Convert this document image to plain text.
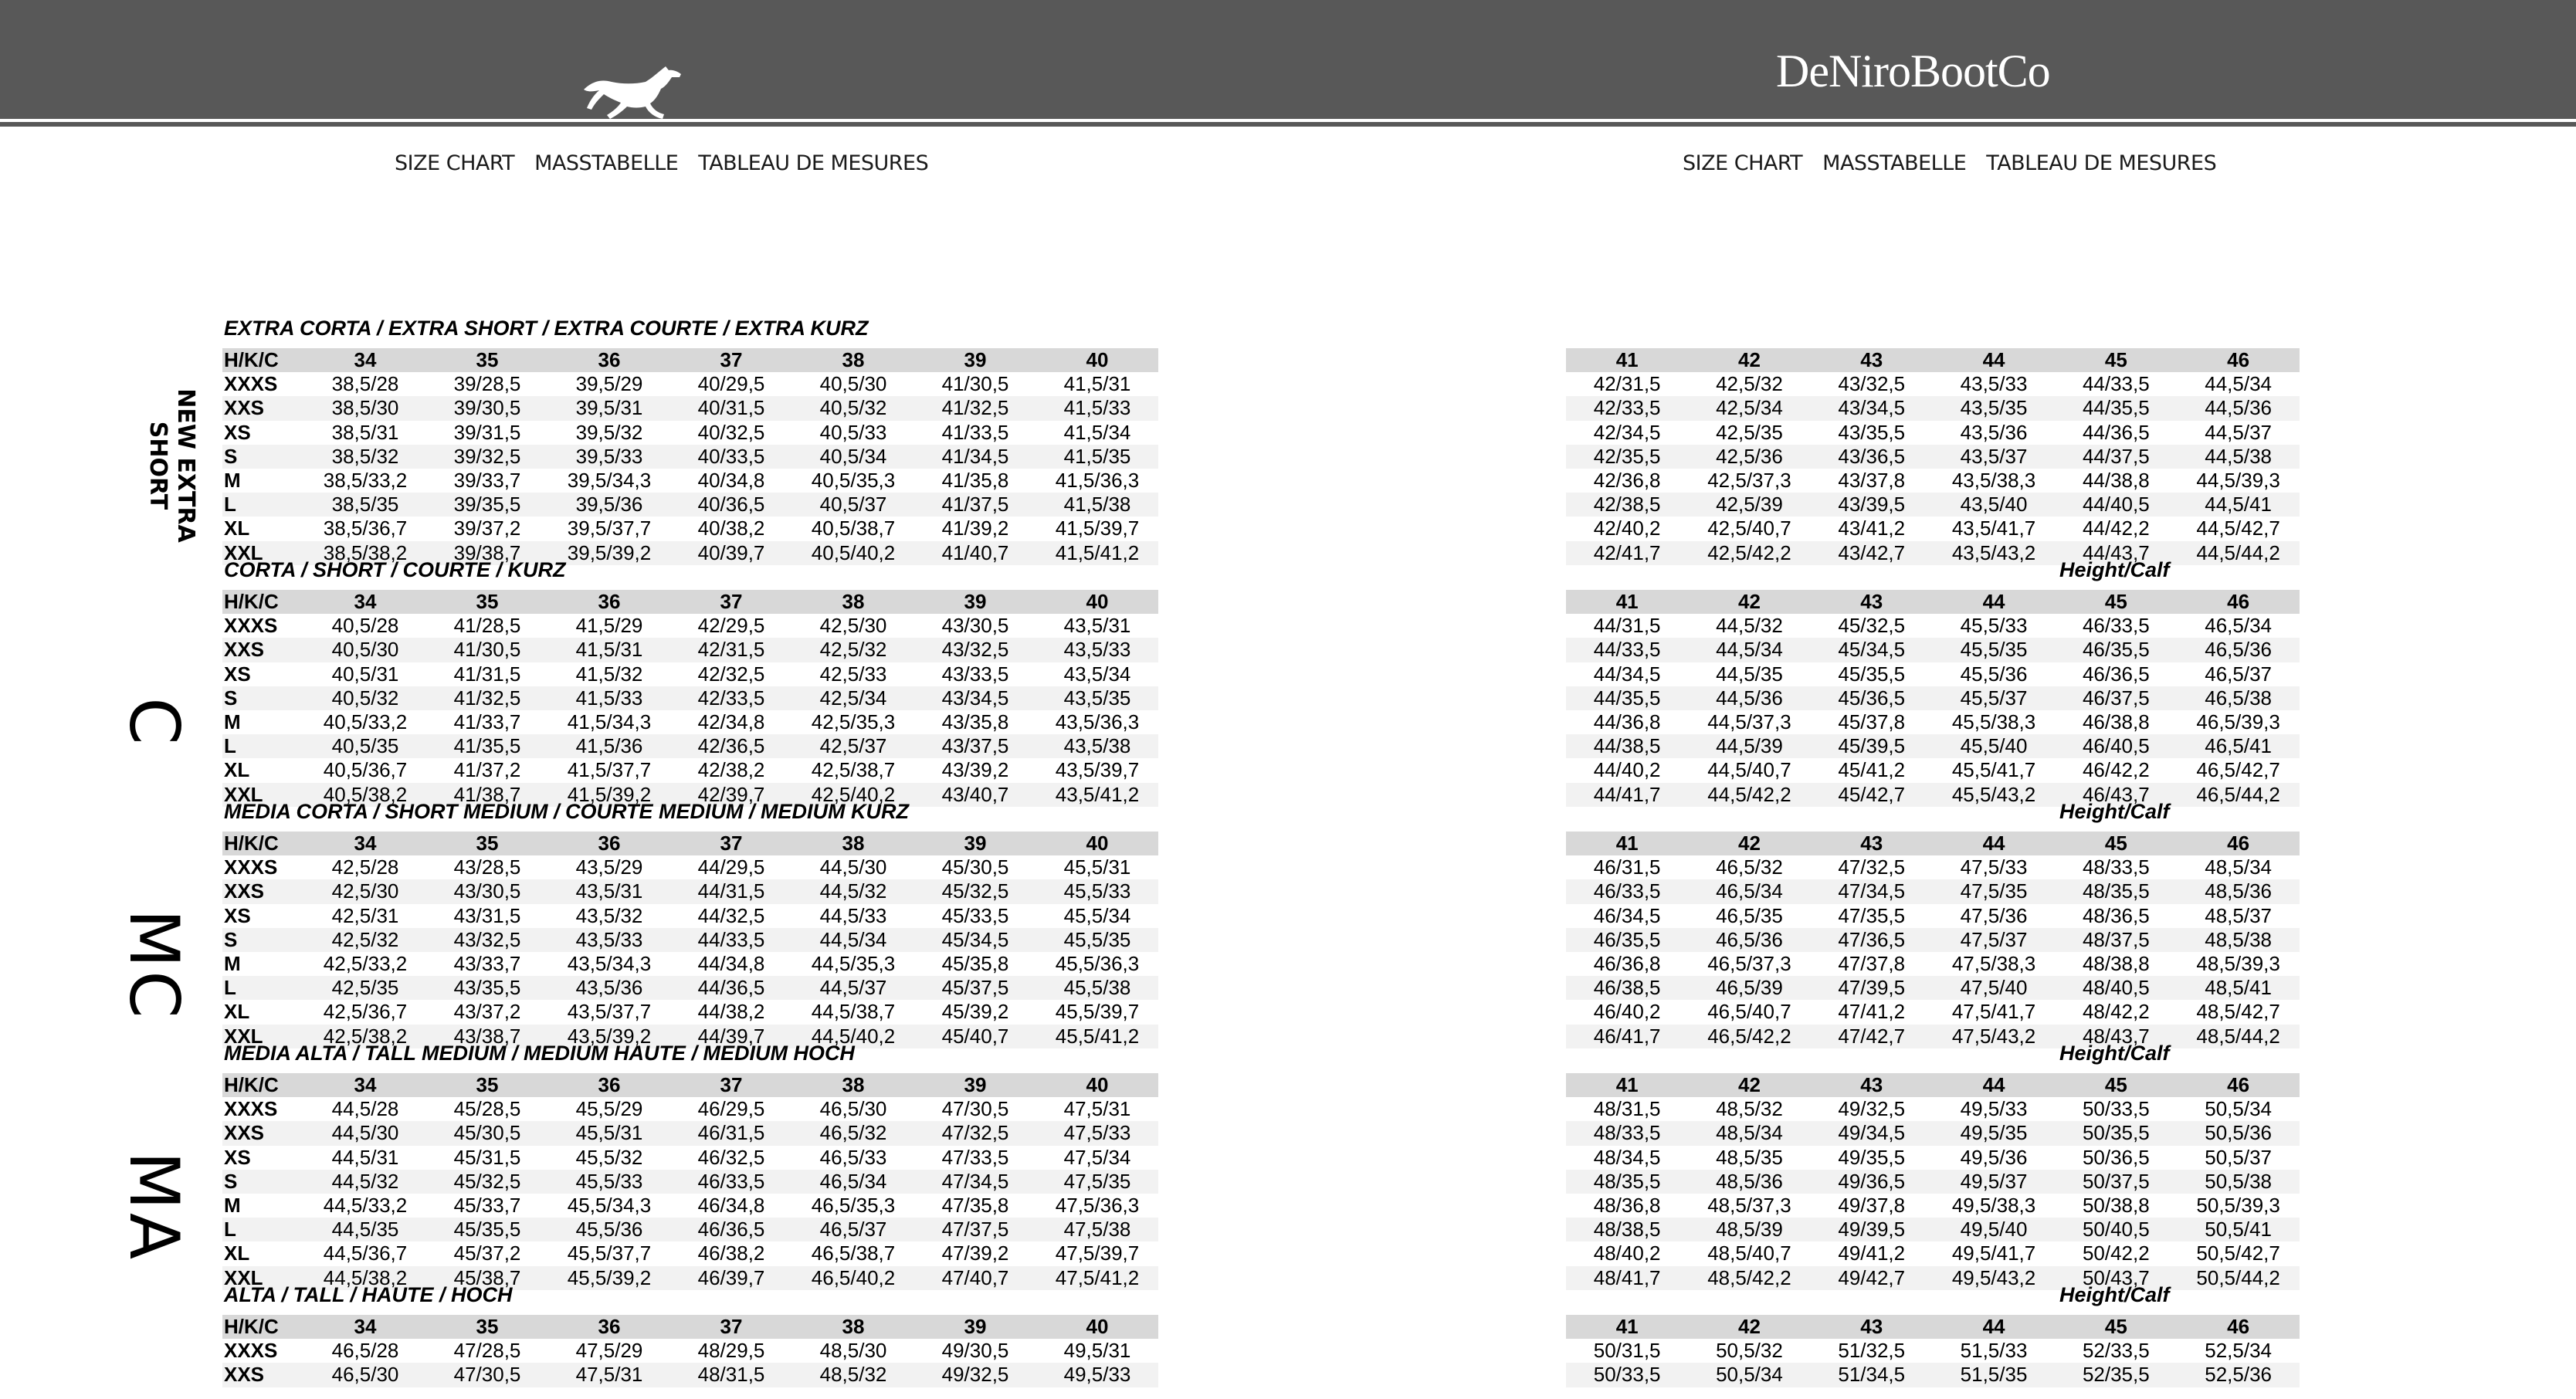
DeNiroBootCo
SIZE CHART MASSTABELLE TABLEAU DE MESURES	SIZE CHART MASSTABELLE TABLEAU DE MESURES
EXTRA CORTA / EXTRA SHORT / EXTRA COURTE / EXTRA KURZ
NEW EXTRA SHORT
H/K/C	34	35	36	37	38	39	40
XXXS	38,5/28	39/28,5	39,5/29	40/29,5	40,5/30	41/30,5	41,5/31
XXS	38,5/30	39/30,5	39,5/31	40/31,5	40,5/32	41/32,5	41,5/33
XS	38,5/31	39/31,5	39,5/32	40/32,5	40,5/33	41/33,5	41,5/34
S	38,5/32	39/32,5	39,5/33	40/33,5	40,5/34	41/34,5	41,5/35
M	38,5/33,2	39/33,7	39,5/34,3	40/34,8	40,5/35,3	41/35,8	41,5/36,3
L	38,5/35	39/35,5	39,5/36	40/36,5	40,5/37	41/37,5	41,5/38
XL	38,5/36,7	39/37,2	39,5/37,7	40/38,2	40,5/38,7	41/39,2	41,5/39,7
XXL	38,5/38,2	39/38,7	39,5/39,2	40/39,7	40,5/40,2	41/40,7	41,5/41,2
41	42	43	44	45	46
42/31,5	42,5/32	43/32,5	43,5/33	44/33,5	44,5/34
42/33,5	42,5/34	43/34,5	43,5/35	44/35,5	44,5/36
42/34,5	42,5/35	43/35,5	43,5/36	44/36,5	44,5/37
42/35,5	42,5/36	43/36,5	43,5/37	44/37,5	44,5/38
42/36,8	42,5/37,3	43/37,8	43,5/38,3	44/38,8	44,5/39,3
42/38,5	42,5/39	43/39,5	43,5/40	44/40,5	44,5/41
42/40,2	42,5/40,7	43/41,2	43,5/41,7	44/42,2	44,5/42,7
42/41,7	42,5/42,2	43/42,7	43,5/43,2	44/43,7	44,5/44,2
CORTA / SHORT / COURTE / KURZ	Height/Calf
C
H/K/C	34	35	36	37	38	39	40
XXXS	40,5/28	41/28,5	41,5/29	42/29,5	42,5/30	43/30,5	43,5/31
XXS	40,5/30	41/30,5	41,5/31	42/31,5	42,5/32	43/32,5	43,5/33
XS	40,5/31	41/31,5	41,5/32	42/32,5	42,5/33	43/33,5	43,5/34
S	40,5/32	41/32,5	41,5/33	42/33,5	42,5/34	43/34,5	43,5/35
M	40,5/33,2	41/33,7	41,5/34,3	42/34,8	42,5/35,3	43/35,8	43,5/36,3
L	40,5/35	41/35,5	41,5/36	42/36,5	42,5/37	43/37,5	43,5/38
XL	40,5/36,7	41/37,2	41,5/37,7	42/38,2	42,5/38,7	43/39,2	43,5/39,7
XXL	40,5/38,2	41/38,7	41,5/39,2	42/39,7	42,5/40,2	43/40,7	43,5/41,2
41	42	43	44	45	46
44/31,5	44,5/32	45/32,5	45,5/33	46/33,5	46,5/34
44/33,5	44,5/34	45/34,5	45,5/35	46/35,5	46,5/36
44/34,5	44,5/35	45/35,5	45,5/36	46/36,5	46,5/37
44/35,5	44,5/36	45/36,5	45,5/37	46/37,5	46,5/38
44/36,8	44,5/37,3	45/37,8	45,5/38,3	46/38,8	46,5/39,3
44/38,5	44,5/39	45/39,5	45,5/40	46/40,5	46,5/41
44/40,2	44,5/40,7	45/41,2	45,5/41,7	46/42,2	46,5/42,7
44/41,7	44,5/42,2	45/42,7	45,5/43,2	46/43,7	46,5/44,2
MEDIA CORTA / SHORT MEDIUM / COURTE MEDIUM / MEDIUM KURZ	Height/Calf
MC
H/K/C	34	35	36	37	38	39	40
XXXS	42,5/28	43/28,5	43,5/29	44/29,5	44,5/30	45/30,5	45,5/31
XXS	42,5/30	43/30,5	43,5/31	44/31,5	44,5/32	45/32,5	45,5/33
XS	42,5/31	43/31,5	43,5/32	44/32,5	44,5/33	45/33,5	45,5/34
S	42,5/32	43/32,5	43,5/33	44/33,5	44,5/34	45/34,5	45,5/35
M	42,5/33,2	43/33,7	43,5/34,3	44/34,8	44,5/35,3	45/35,8	45,5/36,3
L	42,5/35	43/35,5	43,5/36	44/36,5	44,5/37	45/37,5	45,5/38
XL	42,5/36,7	43/37,2	43,5/37,7	44/38,2	44,5/38,7	45/39,2	45,5/39,7
XXL	42,5/38,2	43/38,7	43,5/39,2	44/39,7	44,5/40,2	45/40,7	45,5/41,2
41	42	43	44	45	46
46/31,5	46,5/32	47/32,5	47,5/33	48/33,5	48,5/34
46/33,5	46,5/34	47/34,5	47,5/35	48/35,5	48,5/36
46/34,5	46,5/35	47/35,5	47,5/36	48/36,5	48,5/37
46/35,5	46,5/36	47/36,5	47,5/37	48/37,5	48,5/38
46/36,8	46,5/37,3	47/37,8	47,5/38,3	48/38,8	48,5/39,3
46/38,5	46,5/39	47/39,5	47,5/40	48/40,5	48,5/41
46/40,2	46,5/40,7	47/41,2	47,5/41,7	48/42,2	48,5/42,7
46/41,7	46,5/42,2	47/42,7	47,5/43,2	48/43,7	48,5/44,2
MEDIA ALTA / TALL MEDIUM / MEDIUM HAUTE / MEDIUM HOCH	Height/Calf
MA
H/K/C	34	35	36	37	38	39	40
XXXS	44,5/28	45/28,5	45,5/29	46/29,5	46,5/30	47/30,5	47,5/31
XXS	44,5/30	45/30,5	45,5/31	46/31,5	46,5/32	47/32,5	47,5/33
XS	44,5/31	45/31,5	45,5/32	46/32,5	46,5/33	47/33,5	47,5/34
S	44,5/32	45/32,5	45,5/33	46/33,5	46,5/34	47/34,5	47,5/35
M	44,5/33,2	45/33,7	45,5/34,3	46/34,8	46,5/35,3	47/35,8	47,5/36,3
L	44,5/35	45/35,5	45,5/36	46/36,5	46,5/37	47/37,5	47,5/38
XL	44,5/36,7	45/37,2	45,5/37,7	46/38,2	46,5/38,7	47/39,2	47,5/39,7
XXL	44,5/38,2	45/38,7	45,5/39,2	46/39,7	46,5/40,2	47/40,7	47,5/41,2
41	42	43	44	45	46
48/31,5	48,5/32	49/32,5	49,5/33	50/33,5	50,5/34
48/33,5	48,5/34	49/34,5	49,5/35	50/35,5	50,5/36
48/34,5	48,5/35	49/35,5	49,5/36	50/36,5	50,5/37
48/35,5	48,5/36	49/36,5	49,5/37	50/37,5	50,5/38
48/36,8	48,5/37,3	49/37,8	49,5/38,3	50/38,8	50,5/39,3
48/38,5	48,5/39	49/39,5	49,5/40	50/40,5	50,5/41
48/40,2	48,5/40,7	49/41,2	49,5/41,7	50/42,2	50,5/42,7
48/41,7	48,5/42,2	49/42,7	49,5/43,2	50/43,7	50,5/44,2
ALTA / TALL / HAUTE / HOCH	Height/Calf
H/K/C	34	35	36	37	38	39	40
XXXS	46,5/28	47/28,5	47,5/29	48/29,5	48,5/30	49/30,5	49,5/31
XXS	46,5/30	47/30,5	47,5/31	48/31,5	48,5/32	49/32,5	49,5/33
41	42	43	44	45	46
50/31,5	50,5/32	51/32,5	51,5/33	52/33,5	52,5/34
50/33,5	50,5/34	51/34,5	51,5/35	52/35,5	52,5/36
